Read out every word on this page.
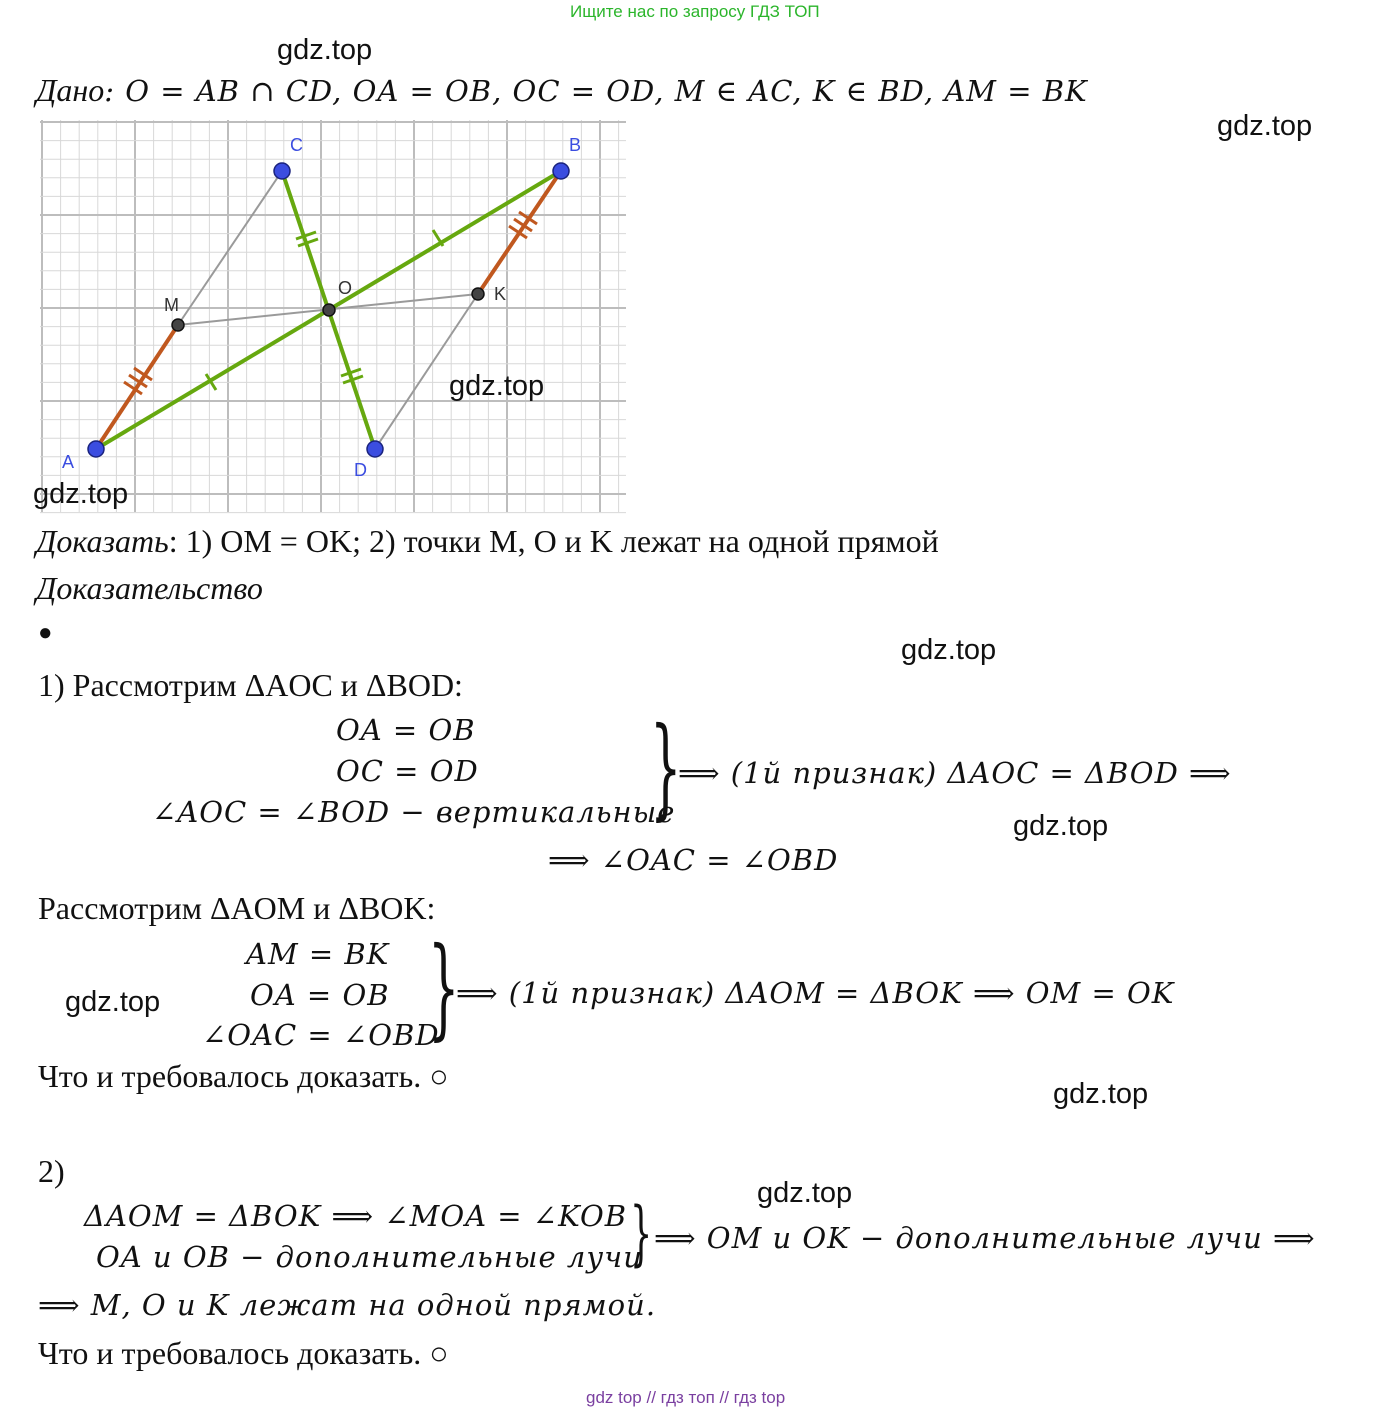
Ищите нас по запросу ГДЗ ТОП
gdz.top
Дано: O = AB ∩ CD, OA = OB, OC = OD, M ∈ AC, K ∈ BD, AM = BK
gdz.top
C	B
A	D
O
M
K
gdz.top
gdz.top
Доказать: 1) OM = OK; 2) точки M, O и K лежат на одной прямой
Доказательство
●
gdz.top
1) Рассмотрим ΔAOC и ΔBOD:
OA = OB
OC = OD
∠AOC = ∠BOD − вертикальные
}
⟹ (1й признак) ΔAOC = ΔBOD ⟹
gdz.top
⟹ ∠OAC = ∠OBD
Рассмотрим ΔAOM и ΔBOK:
AM = BK
OA = OB
∠OAC = ∠OBD
}
⟹ (1й признак) ΔAOM = ΔBOK ⟹ OM = OK
gdz.top
Что и требовалось доказать. ○	gdz.top
2)
gdz.top
ΔAOM = ΔBOK ⟹ ∠MOA = ∠KOB
OA и OB − дополнительные лучи
} ⟹ OM и OK − дополнительные лучи ⟹
⟹ M, O и K лежат на одной прямой.
Что и требовалось доказать. ○
gdz top // гдз топ // гдз top
